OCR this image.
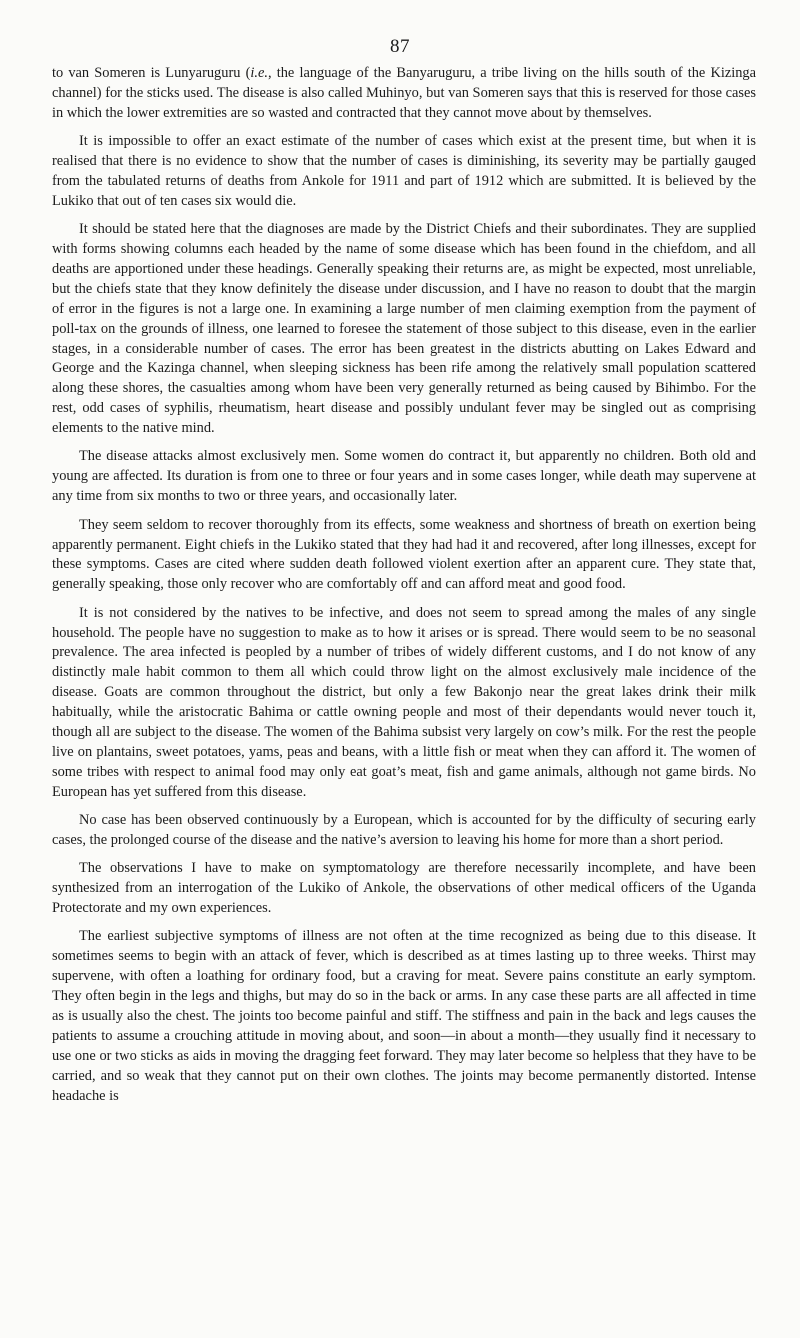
87

to van Someren is Lunyaruguru (i.e., the language of the Banyaruguru, a tribe living on the hills south of the Kizinga channel) for the sticks used. The disease is also called Muhinyo, but van Someren says that this is reserved for those cases in which the lower extremities are so wasted and contracted that they cannot move about by themselves.

It is impossible to offer an exact estimate of the number of cases which exist at the present time, but when it is realised that there is no evidence to show that the number of cases is diminishing, its severity may be partially gauged from the tabulated returns of deaths from Ankole for 1911 and part of 1912 which are submitted. It is believed by the Lukiko that out of ten cases six would die.

It should be stated here that the diagnoses are made by the District Chiefs and their subordinates. They are supplied with forms showing columns each headed by the name of some disease which has been found in the chiefdom, and all deaths are apportioned under these headings. Generally speaking their returns are, as might be expected, most unreliable, but the chiefs state that they know definitely the disease under discussion, and I have no reason to doubt that the margin of error in the figures is not a large one. In examining a large number of men claiming exemption from the payment of poll-tax on the grounds of illness, one learned to foresee the statement of those subject to this disease, even in the earlier stages, in a considerable number of cases. The error has been greatest in the districts abutting on Lakes Edward and George and the Kazinga channel, when sleeping sickness has been rife among the relatively small population scattered along these shores, the casualties among whom have been very generally returned as being caused by Bihimbo. For the rest, odd cases of syphilis, rheumatism, heart disease and possibly undulant fever may be singled out as comprising elements to the native mind.

The disease attacks almost exclusively men. Some women do contract it, but apparently no children. Both old and young are affected. Its duration is from one to three or four years and in some cases longer, while death may supervene at any time from six months to two or three years, and occasionally later.

They seem seldom to recover thoroughly from its effects, some weakness and shortness of breath on exertion being apparently permanent. Eight chiefs in the Lukiko stated that they had had it and recovered, after long illnesses, except for these symptoms. Cases are cited where sudden death followed violent exertion after an apparent cure. They state that, generally speaking, those only recover who are comfortably off and can afford meat and good food.

It is not considered by the natives to be infective, and does not seem to spread among the males of any single household. The people have no suggestion to make as to how it arises or is spread. There would seem to be no seasonal prevalence. The area infected is peopled by a number of tribes of widely different customs, and I do not know of any distinctly male habit common to them all which could throw light on the almost exclusively male incidence of the disease. Goats are common throughout the district, but only a few Bakonjo near the great lakes drink their milk habitually, while the aristocratic Bahima or cattle owning people and most of their dependants would never touch it, though all are subject to the disease. The women of the Bahima subsist very largely on cow’s milk. For the rest the people live on plantains, sweet potatoes, yams, peas and beans, with a little fish or meat when they can afford it. The women of some tribes with respect to animal food may only eat goat’s meat, fish and game animals, although not game birds. No European has yet suffered from this disease.

No case has been observed continuously by a European, which is accounted for by the difficulty of securing early cases, the prolonged course of the disease and the native’s aversion to leaving his home for more than a short period.

The observations I have to make on symptomatology are therefore necessarily incomplete, and have been synthesized from an interrogation of the Lukiko of Ankole, the observations of other medical officers of the Uganda Protectorate and my own experiences.

The earliest subjective symptoms of illness are not often at the time recognized as being due to this disease. It sometimes seems to begin with an attack of fever, which is described as at times lasting up to three weeks. Thirst may supervene, with often a loathing for ordinary food, but a craving for meat. Severe pains constitute an early symptom. They often begin in the legs and thighs, but may do so in the back or arms. In any case these parts are all affected in time as is usually also the chest. The joints too become painful and stiff. The stiffness and pain in the back and legs causes the patients to assume a crouching attitude in moving about, and soon—in about a month—they usually find it necessary to use one or two sticks as aids in moving the dragging feet forward. They may later become so helpless that they have to be carried, and so weak that they cannot put on their own clothes. The joints may become permanently distorted. Intense headache is
